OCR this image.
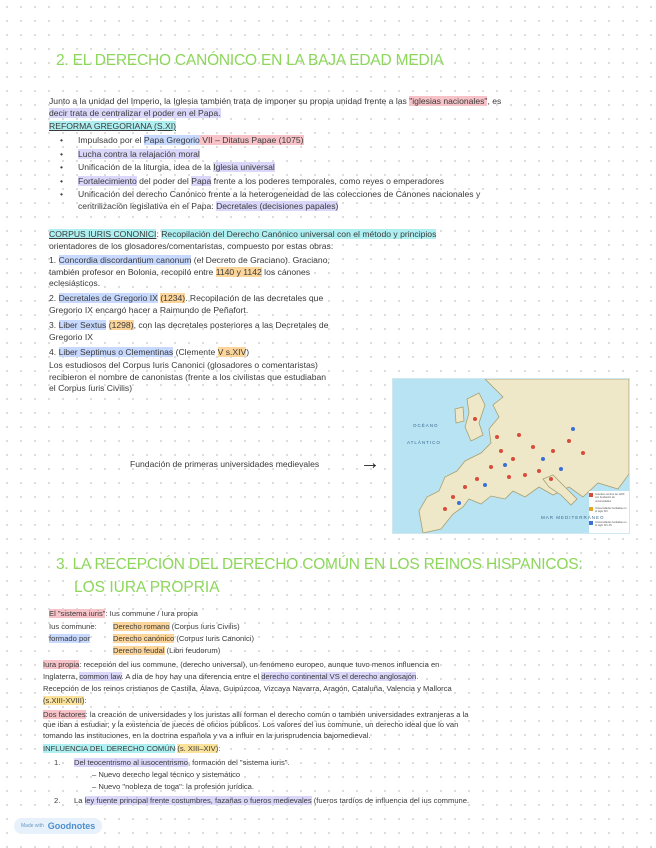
2. EL DERECHO CANÓNICO EN LA BAJA EDAD MEDIA
Junto a la unidad del Imperio, la Iglesia también trata de imponer su propia unidad frente a las "iglesias nacionales", es
decir trata de centralizar el poder en el Papa.
REFORMA GREGORIANA (S.XI)
• Impulsado por el Papa Gregorio VII – Ditatus Papae (1075)
• Lucha contra la relajación moral
• Unificación de la liturgia, idea de la Iglesia universal
• Fortalecimiento del poder del Papa frente a los poderes temporales, como reyes o emperadores
• Unificación del derecho Canónico frente a la heterogeneidad de las colecciones de Cánones nacionales y
centrilización legislativa en el Papa: Decretales (decisiones papales)
CORPUS IURIS CONONICI: Recopilación del Derecho Canónico universal con el método y principios
orientadores de los glosadores/comentaristas, compuesto por estas obras:
1. Concordia discordantium canonum (el Decreto de Graciano). Graciano,
también profesor en Bolonia, recopiló entre 1140 y 1142 los cánones
eclesiásticos.
2. Decretales de Gregorio IX (1234). Recopilación de las decretales que
Gregorio IX encargó hacer a Raimundo de Peñafort.
3. Liber Sextus (1298), con las decretales posteriores a las Decretales de
Gregorio IX
4. Liber Septimus o Clementinas (Clemente V s.XIV)
Los estudiosos del Corpus Iuris Canonici (glosadores o comentaristas)
recibieron el nombre de canonistas (frente a los civilistas que estudiaban
el Corpus Iuris Civilis)
Fundación de primeras universidades medievales →
OCÉANO
ATLÁNTICO
MAR MEDITERRÁNEO
Grandes centros de 1200 con fundación de universidades
Universidades fundadas en el siglo XIII
Universidades fundadas en el siglo XIV-XV
3. LA RECEPCIÓN DEL DERECHO COMÚN EN LOS REINOS HISPANICOS:
LOS IURA PROPRIA
El "sistema iuris": Ius commune / Iura propia
Ius commune: Derecho romano (Corpus Iuris Civilis)
formado por	Derecho canónico (Corpus Iuris Canonici)
Derecho feudal (Libri feudorum)
Iura propia: recepción del ius commune, (derecho universal), un fenómeno europeo, aunque tuvo menos influencia en
Inglaterra, common law. A día de hoy hay una diferencia entre el derecho continental VS el derecho anglosajón.
Recepción de los reinos cristianos de Castilla, Álava, Guipúzcoa, Vizcaya Navarra, Aragón, Cataluña, Valencia y Mallorca
(s.XIII-XVIII):
Dos factores: la creación de universidades y los juristas allí forman el derecho común o también universidades extranjeras a la
que iban a estudiar; y la existencia de jueces de oficios públicos. Los valores del ius commune, un derecho ideal que lo van
tomando las instituciones, en la doctrina española y va a influir en la jurisprudencia bajomedieval.
INFLUENCIA DEL DERECHO COMÚN (s. XIII–XIV):
1. Del teocentrismo al iusocentrismo, formación del "sistema iuris".
– Nuevo derecho legal técnico y sistemático
– Nuevo "nobleza de toga": la profesión jurídica.
2. La ley fuente principal frente costumbres, fazañas o fueros medievales (fueros tardíos de influencia del ius commune.
Made with Goodnotes
